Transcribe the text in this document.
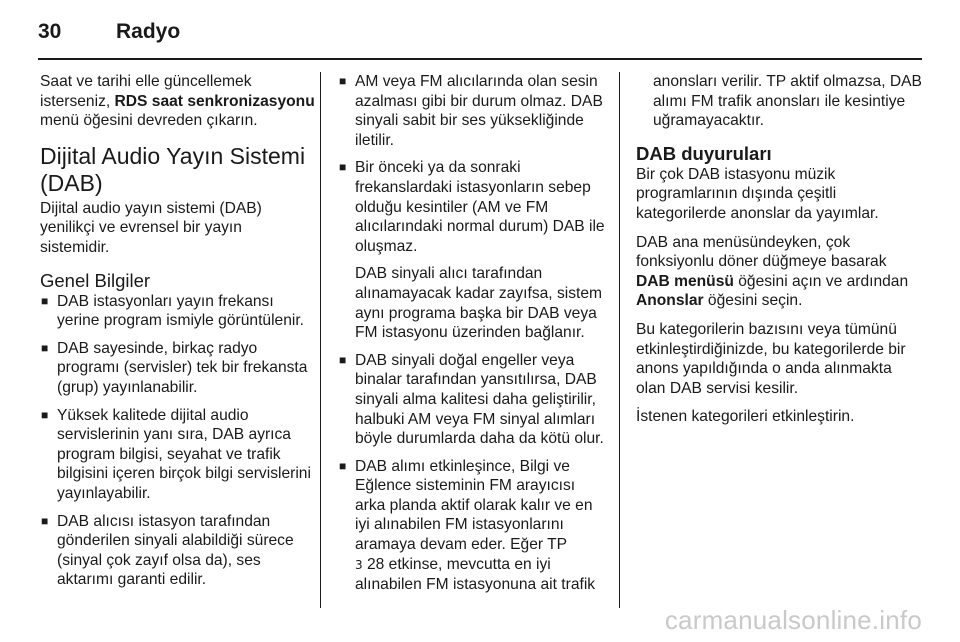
30	Radyo

Saat ve tarihi elle güncellemek isterseniz, RDS saat senkronizasyonu menü öğesini devreden çıkarın.

Dijital Audio Yayın Sistemi (DAB)

Dijital audio yayın sistemi (DAB) yenilikçi ve evrensel bir yayın sistemidir.

Genel Bilgiler
■ DAB istasyonları yayın frekansı yerine program ismiyle görüntülenir.
■ DAB sayesinde, birkaç radyo programı (servisler) tek bir frekansta (grup) yayınlanabilir.
■ Yüksek kalitede dijital audio servislerinin yanı sıra, DAB ayrıca program bilgisi, seyahat ve trafik bilgisini içeren birçok bilgi servislerini yayınlayabilir.
■ DAB alıcısı istasyon tarafından gönderilen sinyali alabildiği sürece (sinyal çok zayıf olsa da), ses aktarımı garanti edilir.
■ AM veya FM alıcılarında olan sesin azalması gibi bir durum olmaz. DAB sinyali sabit bir ses yüksekliğinde iletilir.
■ Bir önceki ya da sonraki frekanslardaki istasyonların sebep olduğu kesintiler (AM ve FM alıcılarındaki normal durum) DAB ile oluşmaz.

DAB sinyali alıcı tarafından alınamayacak kadar zayıfsa, sistem aynı programa başka bir DAB veya FM istasyonu üzerinden bağlanır.

■ DAB sinyali doğal engeller veya binalar tarafından yansıtılırsa, DAB sinyali alma kalitesi daha geliştirilir, halbuki AM veya FM sinyal alımları böyle durumlarda daha da kötü olur.
■ DAB alımı etkinleşince, Bilgi ve Eğlence sisteminin FM arayıcısı arka planda aktif olarak kalır ve en iyi alınabilen FM istasyonlarını aramaya devam eder. Eğer TP
3 28 etkinse, mevcutta en iyi alınabilen FM istasyonuna ait trafik

anonsları verilir. TP aktif olmazsa, DAB alımı FM trafik anonsları ile kesintiye uğramayacaktır.

DAB duyuruları

Bir çok DAB istasyonu müzik programlarının dışında çeşitli kategorilerde anonslar da yayımlar.

DAB ana menüsündeyken, çok fonksiyonlu döner düğmeye basarak DAB menüsü öğesini açın ve ardından Anonslar öğesini seçin.

Bu kategorilerin bazısını veya tümünü etkinleştirdiğinizde, bu kategorilerde bir anons yapıldığında o anda alınmakta olan DAB servisi kesilir.

İstenen kategorileri etkinleştirin.

carmanualsonline.info
